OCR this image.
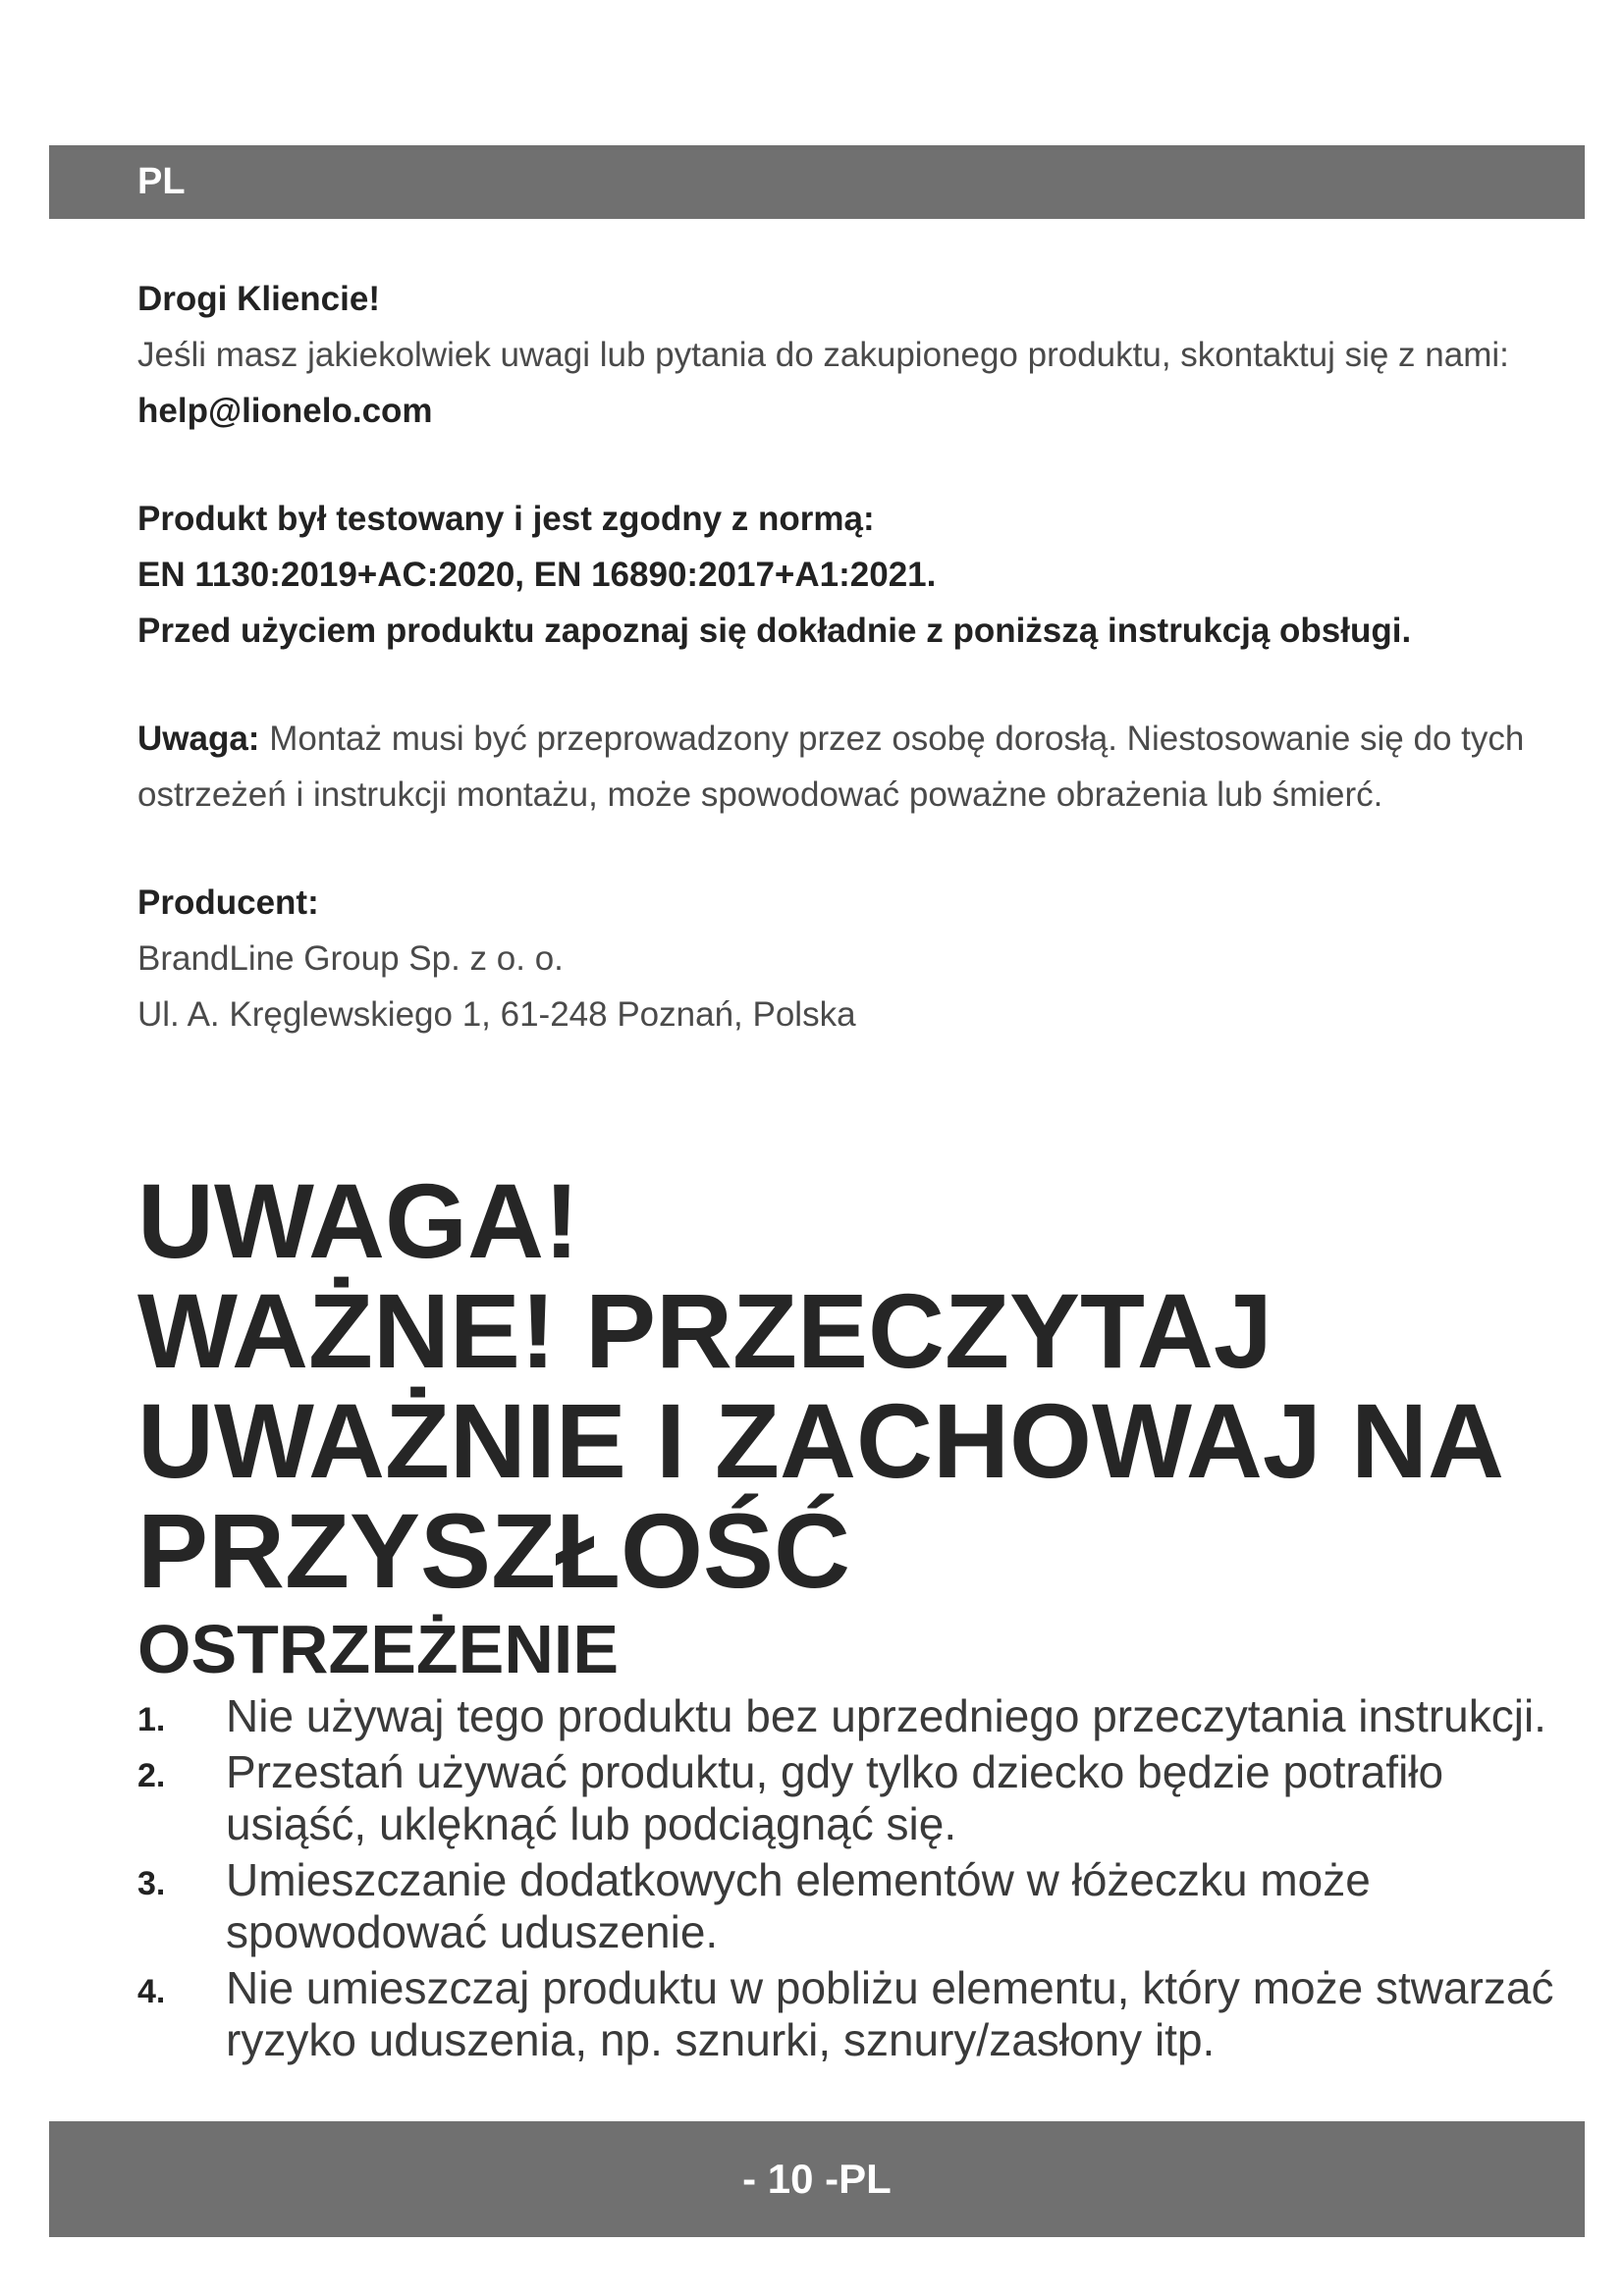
PL

Drogi Kliencie!
Jeśli masz jakiekolwiek uwagi lub pytania do zakupionego produktu, skontaktuj się z nami: help@lionelo.com

Produkt był testowany i jest zgodny z normą:
EN 1130:2019+AC:2020, EN 16890:2017+A1:2021.
Przed użyciem produktu zapoznaj się dokładnie z poniższą instrukcją obsługi.

Uwaga: Montaż musi być przeprowadzony przez osobę dorosłą. Niestosowanie się do tych ostrzeżeń i instrukcji montażu, może spowodować poważne obrażenia lub śmierć.

Producent:
BrandLine Group Sp. z o. o.
Ul. A. Kręglewskiego 1, 61-248 Poznań, Polska

UWAGA!
WAŻNE! PRZECZYTAJ
UWAŻNIE I ZACHOWAJ NA
PRZYSZŁOŚĆ
OSTRZEŻENIE
1. Nie używaj tego produktu bez uprzedniego przeczytania instrukcji.
2. Przestań używać produktu, gdy tylko dziecko będzie potrafiło usiąść, uklęknąć lub podciągnąć się.
3. Umieszczanie dodatkowych elementów w łóżeczku może spowodować uduszenie.
4. Nie umieszczaj produktu w pobliżu elementu, który może stwarzać ryzyko uduszenia, np. sznurki, sznury/zasłony itp.
- 10 -PL
